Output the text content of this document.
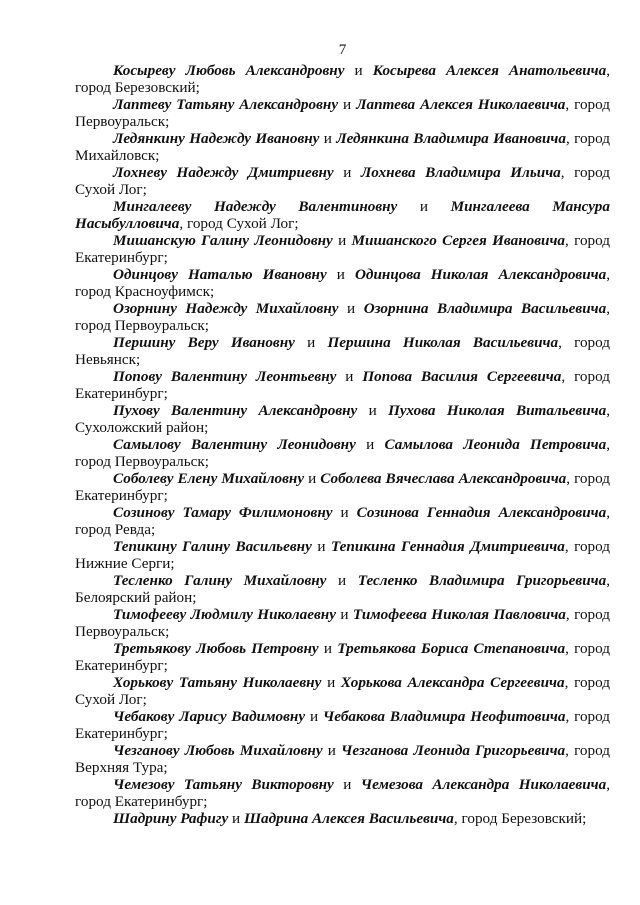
7

Косыреву Любовь Александровну и Косырева Алексея Анатольевича, город Березовский;

Лаптеву Татьяну Александровну и Лаптева Алексея Николаевича, город Первоуральск;

Ледянкину Надежду Ивановну и Ледянкина Владимира Ивановича, город Михайловск;

Лохневу Надежду Дмитриевну и Лохнева Владимира Ильича, город Сухой Лог;

Мингалееву Надежду Валентиновну и Мингалеева Мансура Насыбулловича, город Сухой Лог;

Мишанскую Галину Леонидовну и Мишанского Сергея Ивановича, город Екатеринбург;

Одинцову Наталью Ивановну и Одинцова Николая Александровича, город Красноуфимск;

Озорнину Надежду Михайловну и Озорнина Владимира Васильевича, город Первоуральск;

Першину Веру Ивановну и Першина Николая Васильевича, город Невьянск;

Попову Валентину Леонтьевну и Попова Василия Сергеевича, город Екатеринбург;

Пухову Валентину Александровну и Пухова Николая Витальевича, Сухоложский район;

Самылову Валентину Леонидовну и Самылова Леонида Петровича, город Первоуральск;

Соболеву Елену Михайловну и Соболева Вячеслава Александровича, город Екатеринбург;

Созинову Тамару Филимоновну и Созинова Геннадия Александровича, город Ревда;

Тепикину Галину Васильевну и Тепикина Геннадия Дмитриевича, город Нижние Серги;

Тесленко Галину Михайловну и Тесленко Владимира Григорьевича, Белоярский район;

Тимофееву Людмилу Николаевну и Тимофеева Николая Павловича, город Первоуральск;

Третьякову Любовь Петровну и Третьякова Бориса Степановича, город Екатеринбург;

Хорькову Татьяну Николаевну и Хорькова Александра Сергеевича, город Сухой Лог;

Чебакову Ларису Вадимовну и Чебакова Владимира Неофитовича, город Екатеринбург;

Чезганову Любовь Михайловну и Чезганова Леонида Григорьевича, город Верхняя Тура;

Чемезову Татьяну Викторовну и Чемезова Александра Николаевича, город Екатеринбург;

Шадрину Рафигу и Шадрина Алексея Васильевича, город Березовский;
